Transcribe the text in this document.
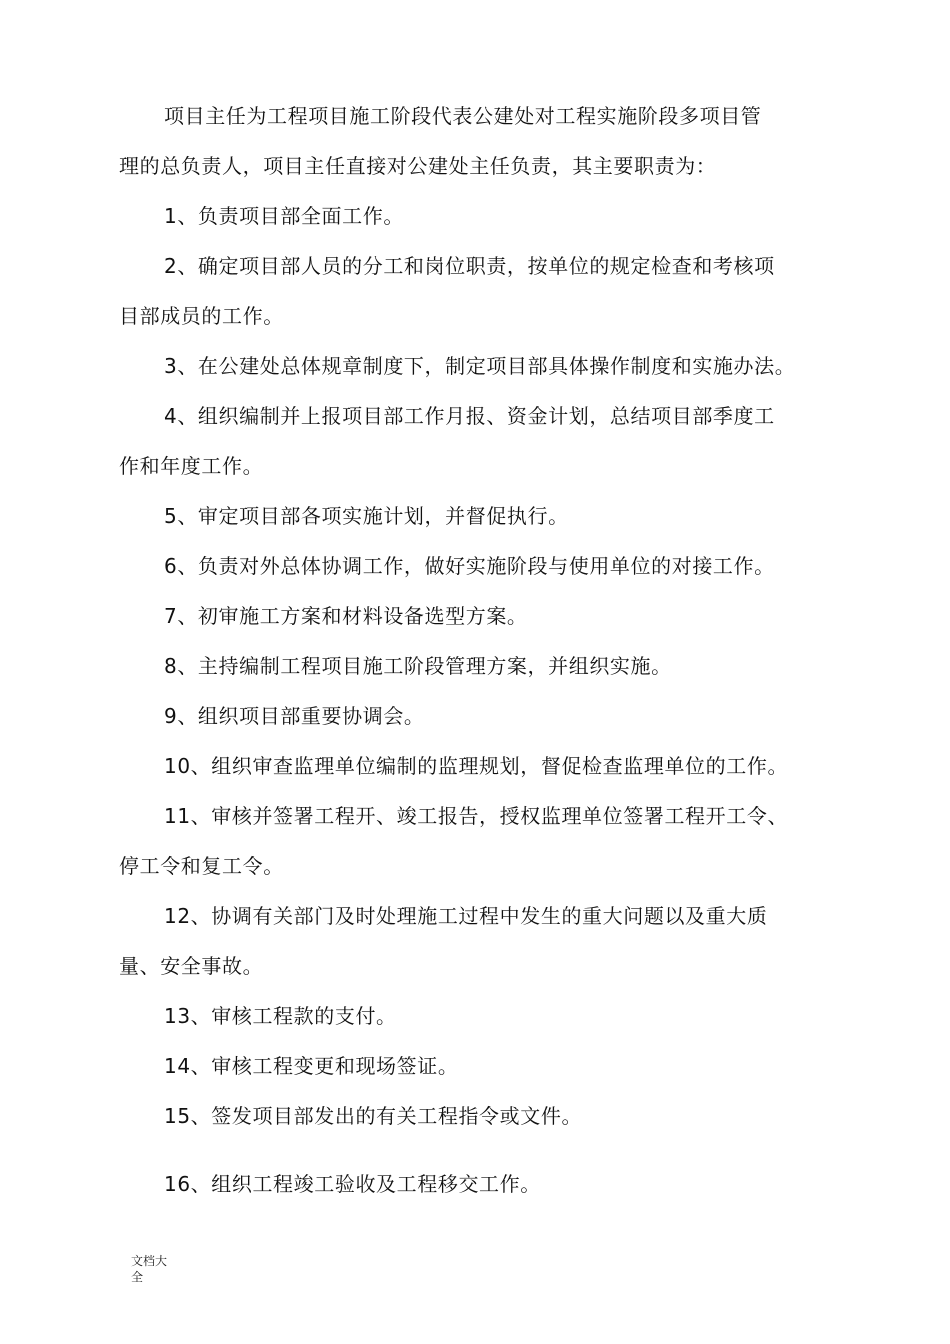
项目主任为工程项目施工阶段代表公建处对工程实施阶段多项目管
理的总负责人，项目主任直接对公建处主任负责，其主要职责为：
1、负责项目部全面工作。
2、确定项目部人员的分工和岗位职责，按单位的规定检查和考核项
目部成员的工作。
3、在公建处总体规章制度下，制定项目部具体操作制度和实施办法。
4、组织编制并上报项目部工作月报、资金计划，总结项目部季度工
作和年度工作。
5、审定项目部各项实施计划，并督促执行。
6、负责对外总体协调工作，做好实施阶段与使用单位的对接工作。
7、初审施工方案和材料设备选型方案。
8、主持编制工程项目施工阶段管理方案，并组织实施。
9、组织项目部重要协调会。
10、组织审查监理单位编制的监理规划，督促检查监理单位的工作。
11、审核并签署工程开、竣工报告，授权监理单位签署工程开工令、
停工令和复工令。
12、协调有关部门及时处理施工过程中发生的重大问题以及重大质
量、安全事故。
13、审核工程款的支付。
14、审核工程变更和现场签证。
15、签发项目部发出的有关工程指令或文件。
16、组织工程竣工验收及工程移交工作。
文档大全
